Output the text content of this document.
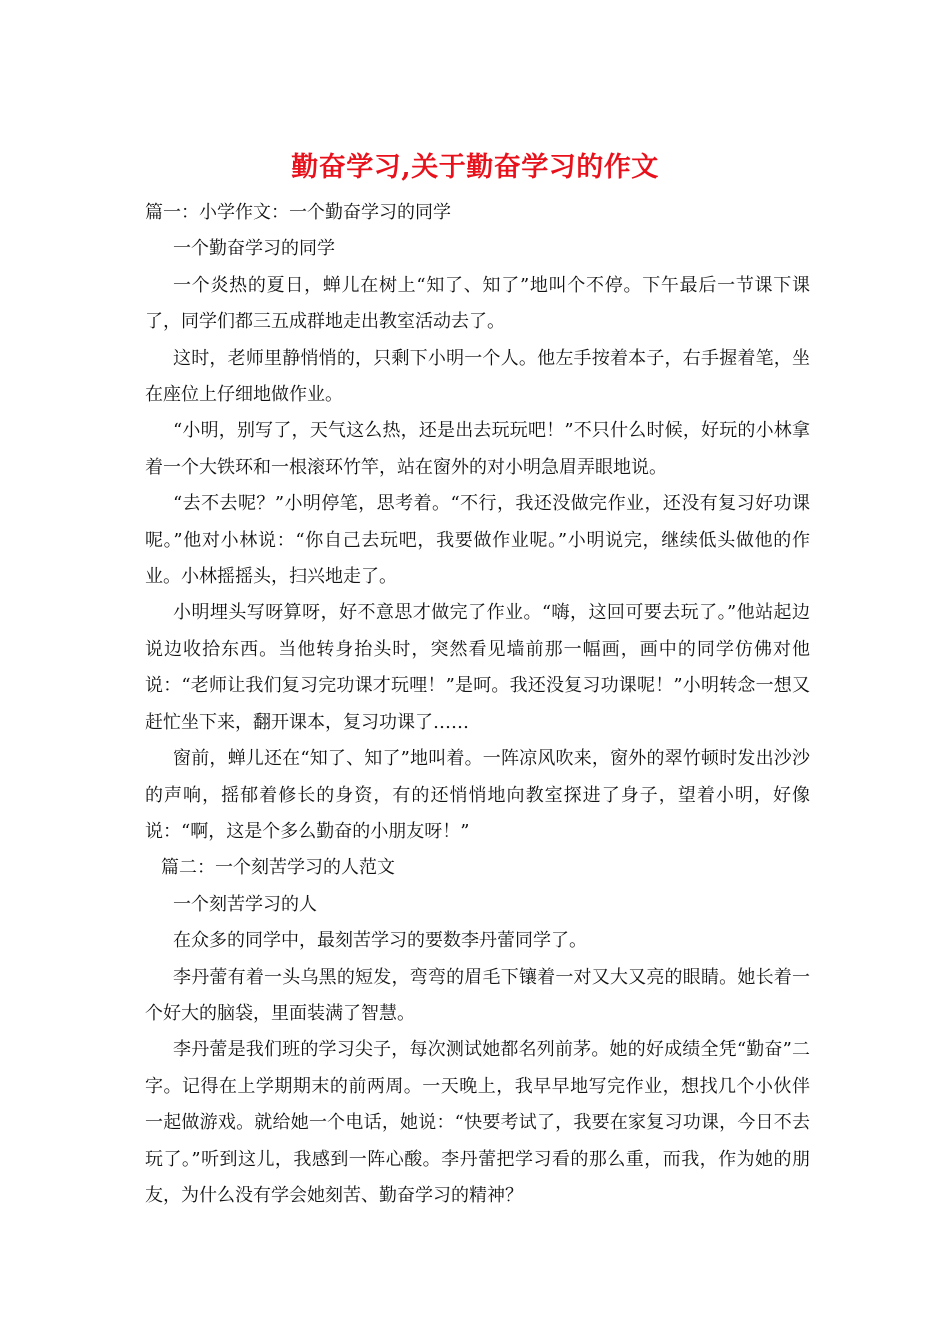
勤奋学习,关于勤奋学习的作文

篇一：小学作文：一个勤奋学习的同学

一个勤奋学习的同学

一个炎热的夏日，蝉儿在树上“知了、知了”地叫个不停。下午最后一节课下课了，同学们都三五成群地走出教室活动去了。

这时，老师里静悄悄的，只剩下小明一个人。他左手按着本子，右手握着笔，坐在座位上仔细地做作业。

“小明，别写了，天气这么热，还是出去玩玩吧！”不只什么时候，好玩的小林拿着一个大铁环和一根滚环竹竿，站在窗外的对小明急眉弄眼地说。

“去不去呢？”小明停笔，思考着。“不行，我还没做完作业，还没有复习好功课呢。”他对小林说：“你自己去玩吧，我要做作业呢。”小明说完，继续低头做他的作业。小林摇摇头，扫兴地走了。

小明埋头写呀算呀，好不意思才做完了作业。“嗨，这回可要去玩了。”他站起边说边收拾东西。当他转身抬头时，突然看见墙前那一幅画，画中的同学仿佛对他说：“老师让我们复习完功课才玩哩！”是呵。我还没复习功课呢！”小明转念一想又赶忙坐下来，翻开课本，复习功课了……

窗前，蝉儿还在“知了、知了”地叫着。一阵凉风吹来，窗外的翠竹顿时发出沙沙的声响，摇郁着修长的身资，有的还悄悄地向教室探进了身子，望着小明，好像说：“啊，这是个多么勤奋的小朋友呀！”

篇二：一个刻苦学习的人范文

一个刻苦学习的人

在众多的同学中，最刻苦学习的要数李丹蕾同学了。

李丹蕾有着一头乌黑的短发，弯弯的眉毛下镶着一对又大又亮的眼睛。她长着一个好大的脑袋，里面装满了智慧。

李丹蕾是我们班的学习尖子，每次测试她都名列前茅。她的好成绩全凭“勤奋”二字。记得在上学期期末的前两周。一天晚上，我早早地写完作业，想找几个小伙伴一起做游戏。就给她一个电话，她说：“快要考试了，我要在家复习功课，今日不去玩了。”听到这儿，我感到一阵心酸。李丹蕾把学习看的那么重，而我，作为她的朋友，为什么没有学会她刻苦、勤奋学习的精神？
